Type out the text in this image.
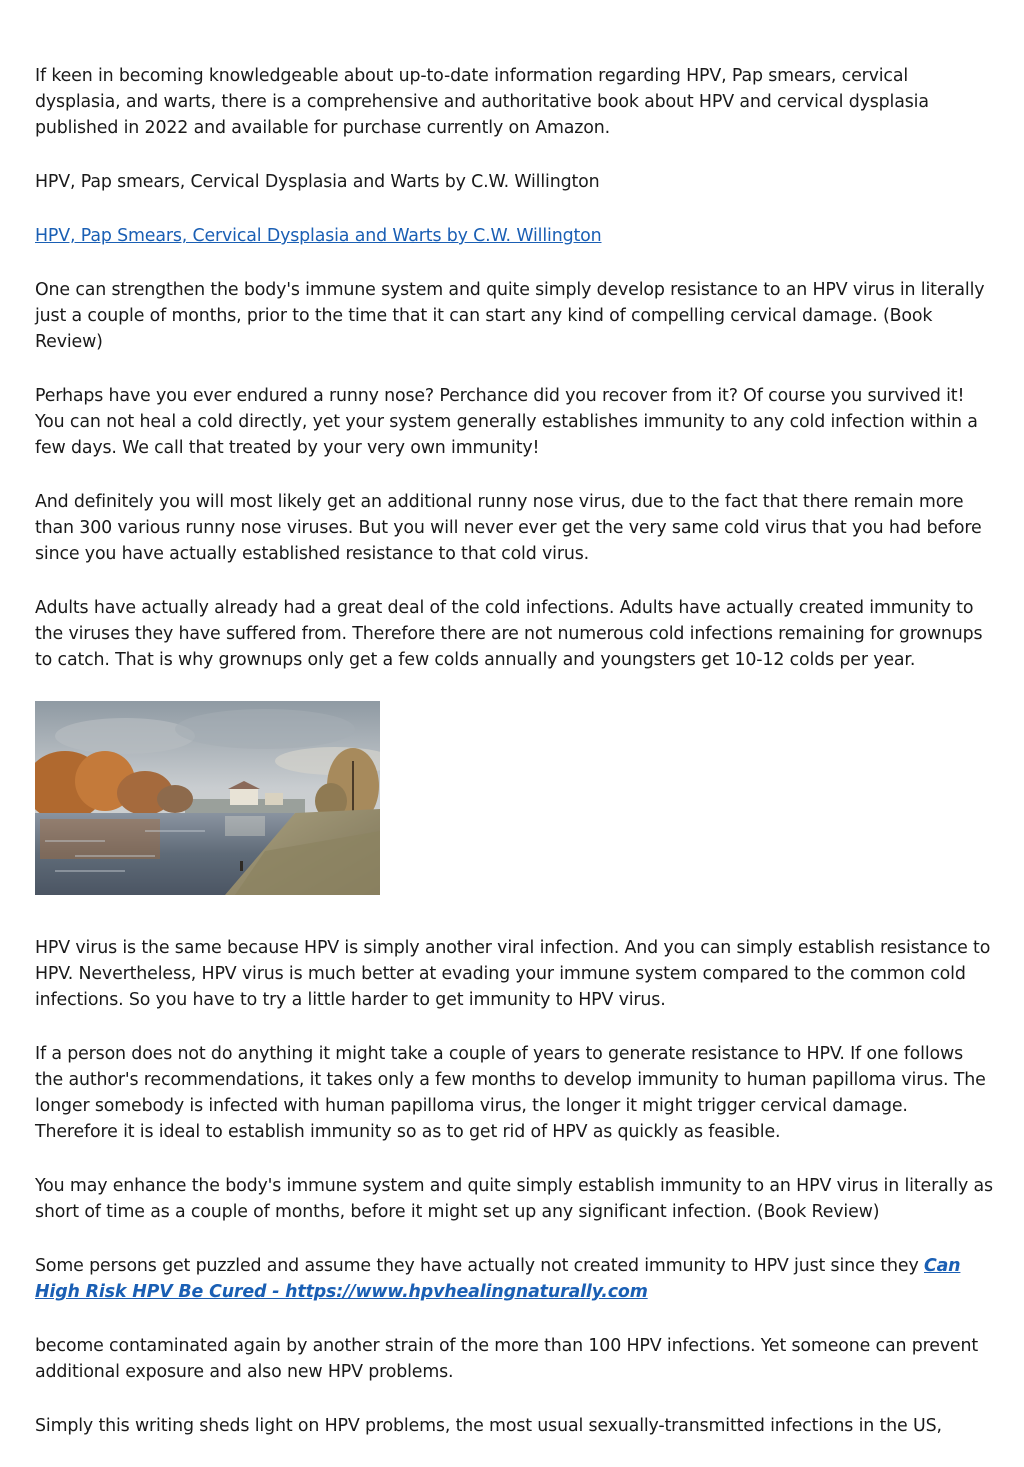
If keen in becoming knowledgeable about up-to-date information regarding HPV, Pap smears, cervical dysplasia, and warts, there is a comprehensive and authoritative book about HPV and cervical dysplasia published in 2022 and available for purchase currently on Amazon.

HPV, Pap smears, Cervical Dysplasia and Warts by C.W. Willington

HPV, Pap Smears, Cervical Dysplasia and Warts by C.W. Willington

One can strengthen the body's immune system and quite simply develop resistance to an HPV virus in literally just a couple of months, prior to the time that it can start any kind of compelling cervical damage. (Book Review)

Perhaps have you ever endured a runny nose? Perchance did you recover from it? Of course you survived it! You can not heal a cold directly, yet your system generally establishes immunity to any cold infection within a few days. We call that treated by your very own immunity!

And definitely you will most likely get an additional runny nose virus, due to the fact that there remain more than 300 various runny nose viruses. But you will never ever get the very same cold virus that you had before since you have actually established resistance to that cold virus.

Adults have actually already had a great deal of the cold infections. Adults have actually created immunity to the viruses they have suffered from. Therefore there are not numerous cold infections remaining for grownups to catch. That is why grownups only get a few colds annually and youngsters get 10-12 colds per year.

HPV virus is the same because HPV is simply another viral infection. And you can simply establish resistance to HPV. Nevertheless, HPV virus is much better at evading your immune system compared to the common cold infections. So you have to try a little harder to get immunity to HPV virus.

If a person does not do anything it might take a couple of years to generate resistance to HPV. If one follows the author's recommendations, it takes only a few months to develop immunity to human papilloma virus. The longer somebody is infected with human papilloma virus, the longer it might trigger cervical damage. Therefore it is ideal to establish immunity so as to get rid of HPV as quickly as feasible.

You may enhance the body's immune system and quite simply establish immunity to an HPV virus in literally as short of time as a couple of months, before it might set up any significant infection. (Book Review)

Some persons get puzzled and assume they have actually not created immunity to HPV just since they Can High Risk HPV Be Cured - https://www.hpvhealingnaturally.com

become contaminated again by another strain of the more than 100 HPV infections. Yet someone can prevent additional exposure and also new HPV problems.

Simply this writing sheds light on HPV problems, the most usual sexually-transmitted infections in the US,
